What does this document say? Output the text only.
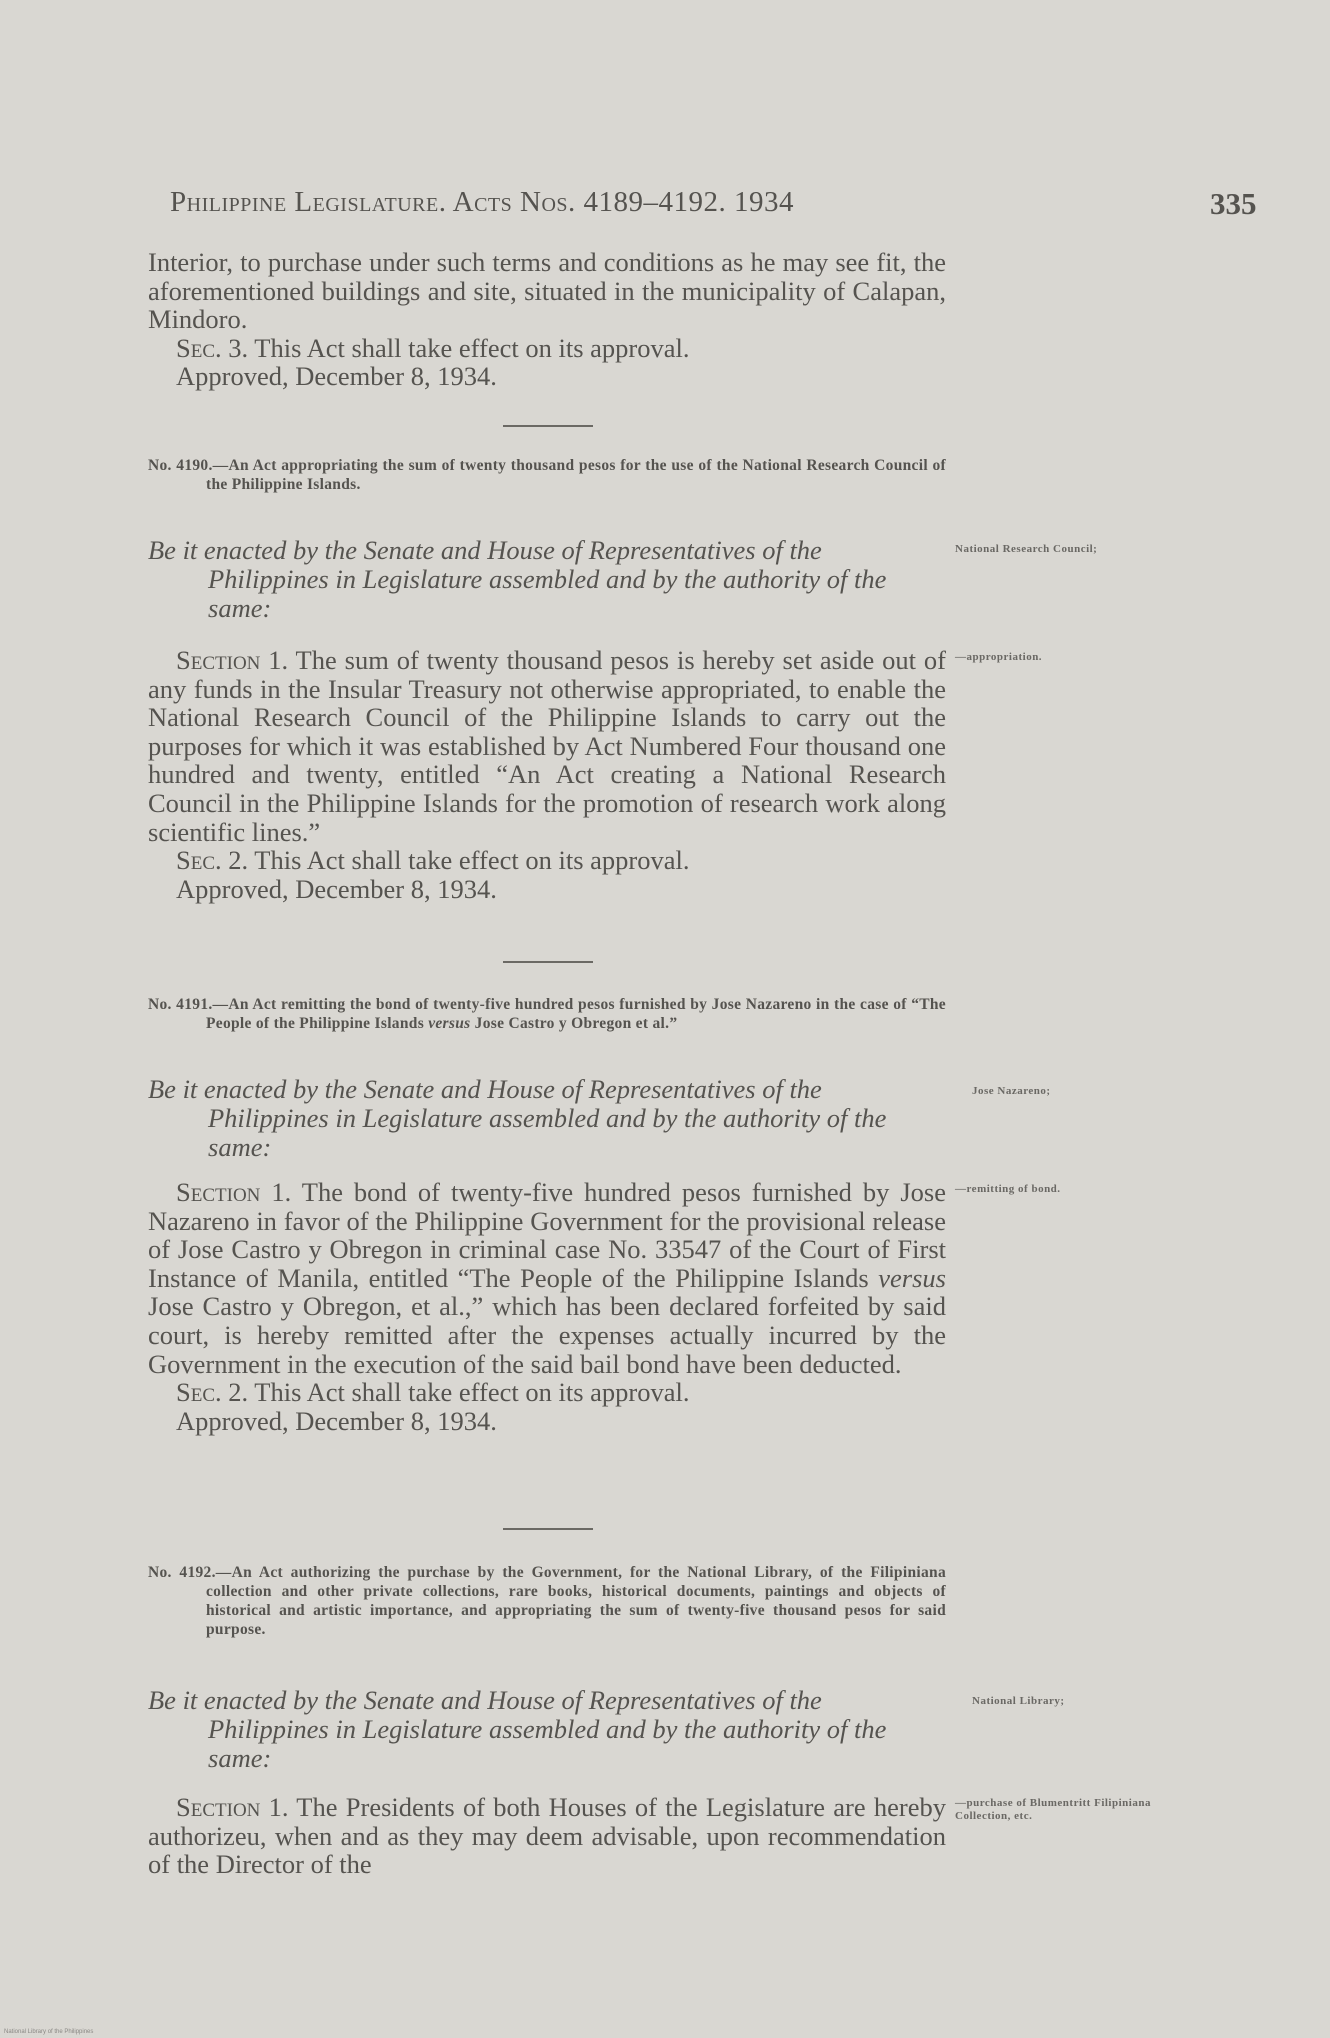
Philippine Legislature. Acts Nos. 4189–4192. 1934	335

Interior, to purchase under such terms and conditions as he may see fit, the aforementioned buildings and site, situated in the municipality of Calapan, Mindoro.

Sec. 3. This Act shall take effect on its approval.

Approved, December 8, 1934.

No. 4190.—An Act appropriating the sum of twenty thousand pesos for the use of the National Research Council of the Philippine Islands.

Be it enacted by the Senate and House of Representatives of the Philippines in Legislature assembled and by the authority of the same:

National Research Council;

Section 1. The sum of twenty thousand pesos is hereby set aside out of any funds in the Insular Treasury not otherwise appropriated, to enable the National Research Council of the Philippine Islands to carry out the purposes for which it was established by Act Numbered Four thousand one hundred and twenty, entitled “An Act creating a National Research Council in the Philippine Islands for the promotion of research work along scientific lines.”

Sec. 2. This Act shall take effect on its approval.

Approved, December 8, 1934.

—appropriation.

No. 4191.—An Act remitting the bond of twenty-five hundred pesos furnished by Jose Nazareno in the case of “The People of the Philippine Islands versus Jose Castro y Obregon et al.”

Be it enacted by the Senate and House of Representatives of the Philippines in Legislature assembled and by the authority of the same:

Jose Nazareno;

Section 1. The bond of twenty-five hundred pesos furnished by Jose Nazareno in favor of the Philippine Government for the provisional release of Jose Castro y Obregon in criminal case No. 33547 of the Court of First Instance of Manila, entitled “The People of the Philippine Islands versus Jose Castro y Obregon, et al.,” which has been declared forfeited by said court, is hereby remitted after the expenses actually incurred by the Government in the execution of the said bail bond have been deducted.

Sec. 2. This Act shall take effect on its approval.

Approved, December 8, 1934.

—remitting of bond.

No. 4192.—An Act authorizing the purchase by the Government, for the National Library, of the Filipiniana collection and other private collections, rare books, historical documents, paintings and objects of historical and artistic importance, and appropriating the sum of twenty-five thousand pesos for said purpose.

Be it enacted by the Senate and House of Representatives of the Philippines in Legislature assembled and by the authority of the same:

National Library;

Section 1. The Presidents of both Houses of the Legislature are hereby authorizeu, when and as they may deem advisable, upon recommendation of the Director of the

—purchase of Blumentritt Filipiniana Collection, etc.
National Library of the Philippines
